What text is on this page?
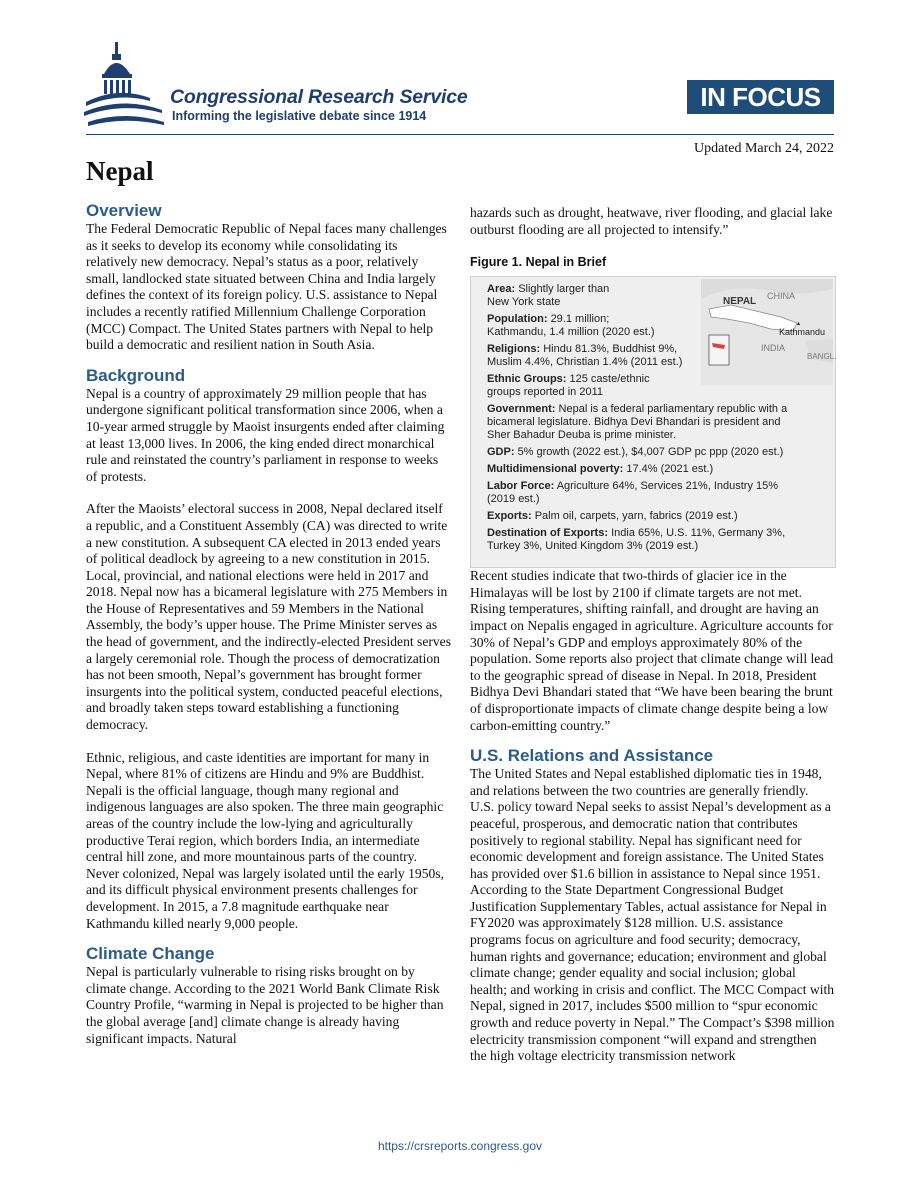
Congressional Research Service
Informing the legislative debate since 1914
IN FOCUS
Updated March 24, 2022
Nepal
Overview

The Federal Democratic Republic of Nepal faces many challenges as it seeks to develop its economy while consolidating its relatively new democracy. Nepal’s status as a poor, relatively small, landlocked state situated between China and India largely defines the context of its foreign policy. U.S. assistance to Nepal includes a recently ratified Millennium Challenge Corporation (MCC) Compact. The United States partners with Nepal to help build a democratic and resilient nation in South Asia.

Background

Nepal is a country of approximately 29 million people that has undergone significant political transformation since 2006, when a 10-year armed struggle by Maoist insurgents ended after claiming at least 13,000 lives. In 2006, the king ended direct monarchical rule and reinstated the country’s parliament in response to weeks of protests.

After the Maoists’ electoral success in 2008, Nepal declared itself a republic, and a Constituent Assembly (CA) was directed to write a new constitution. A subsequent CA elected in 2013 ended years of political deadlock by agreeing to a new constitution in 2015. Local, provincial, and national elections were held in 2017 and 2018. Nepal now has a bicameral legislature with 275 Members in the House of Representatives and 59 Members in the National Assembly, the body’s upper house. The Prime Minister serves as the head of government, and the indirectly-elected President serves a largely ceremonial role. Though the process of democratization has not been smooth, Nepal’s government has brought former insurgents into the political system, conducted peaceful elections, and broadly taken steps toward establishing a functioning democracy.

Ethnic, religious, and caste identities are important for many in Nepal, where 81% of citizens are Hindu and 9% are Buddhist. Nepali is the official language, though many regional and indigenous languages are also spoken. The three main geographic areas of the country include the low-lying and agriculturally productive Terai region, which borders India, an intermediate central hill zone, and more mountainous parts of the country. Never colonized, Nepal was largely isolated until the early 1950s, and its difficult physical environment presents challenges for development. In 2015, a 7.8 magnitude earthquake near Kathmandu killed nearly 9,000 people.

Climate Change

Nepal is particularly vulnerable to rising risks brought on by climate change. According to the 2021 World Bank Climate Risk Country Profile, “warming in Nepal is projected to be higher than the global average [and] climate change is already having significant impacts. Natural

hazards such as drought, heatwave, river flooding, and glacial lake outburst flooding are all projected to intensify.”

Figure 1. Nepal in Brief

Area: Slightly larger than
New York state
Population: 29.1 million;
Kathmandu, 1.4 million (2020 est.)
Religions: Hindu 81.3%, Buddhist 9%,
Muslim 4.4%, Christian 1.4% (2011 est.)
Ethnic Groups: 125 caste/ethnic
groups reported in 2011
Government: Nepal is a federal parliamentary republic with a
bicameral legislature. Bidhya Devi Bhandari is president and
Sher Bahadur Deuba is prime minister.
GDP: 5% growth (2022 est.), $4,007 GDP pc ppp (2020 est.)
Multidimensional poverty: 17.4% (2021 est.)
Labor Force: Agriculture 64%, Services 21%, Industry 15%
(2019 est.)
Exports: Palm oil, carpets, yarn, fabrics (2019 est.)
Destination of Exports: India 65%, U.S. 11%, Germany 3%,
Turkey 3%, United Kingdom 3% (2019 est.)
CHINA
NEPAL
Kathmandu
INDIA
BANGL.

Recent studies indicate that two-thirds of glacier ice in the Himalayas will be lost by 2100 if climate targets are not met. Rising temperatures, shifting rainfall, and drought are having an impact on Nepalis engaged in agriculture. Agriculture accounts for 30% of Nepal’s GDP and employs approximately 80% of the population. Some reports also project that climate change will lead to the geographic spread of disease in Nepal. In 2018, President Bidhya Devi Bhandari stated that “We have been bearing the brunt of disproportionate impacts of climate change despite being a low carbon-emitting country.”

U.S. Relations and Assistance

The United States and Nepal established diplomatic ties in 1948, and relations between the two countries are generally friendly. U.S. policy toward Nepal seeks to assist Nepal’s development as a peaceful, prosperous, and democratic nation that contributes positively to regional stability. Nepal has significant need for economic development and foreign assistance. The United States has provided over $1.6 billion in assistance to Nepal since 1951. According to the State Department Congressional Budget Justification Supplementary Tables, actual assistance for Nepal in FY2020 was approximately $128 million. U.S. assistance programs focus on agriculture and food security; democracy, human rights and governance; education; environment and global climate change; gender equality and social inclusion; global health; and working in crisis and conflict. The MCC Compact with Nepal, signed in 2017, includes $500 million to “spur economic growth and reduce poverty in Nepal.” The Compact’s $398 million electricity transmission component “will expand and strengthen the high voltage electricity transmission network

https://crsreports.congress.gov
